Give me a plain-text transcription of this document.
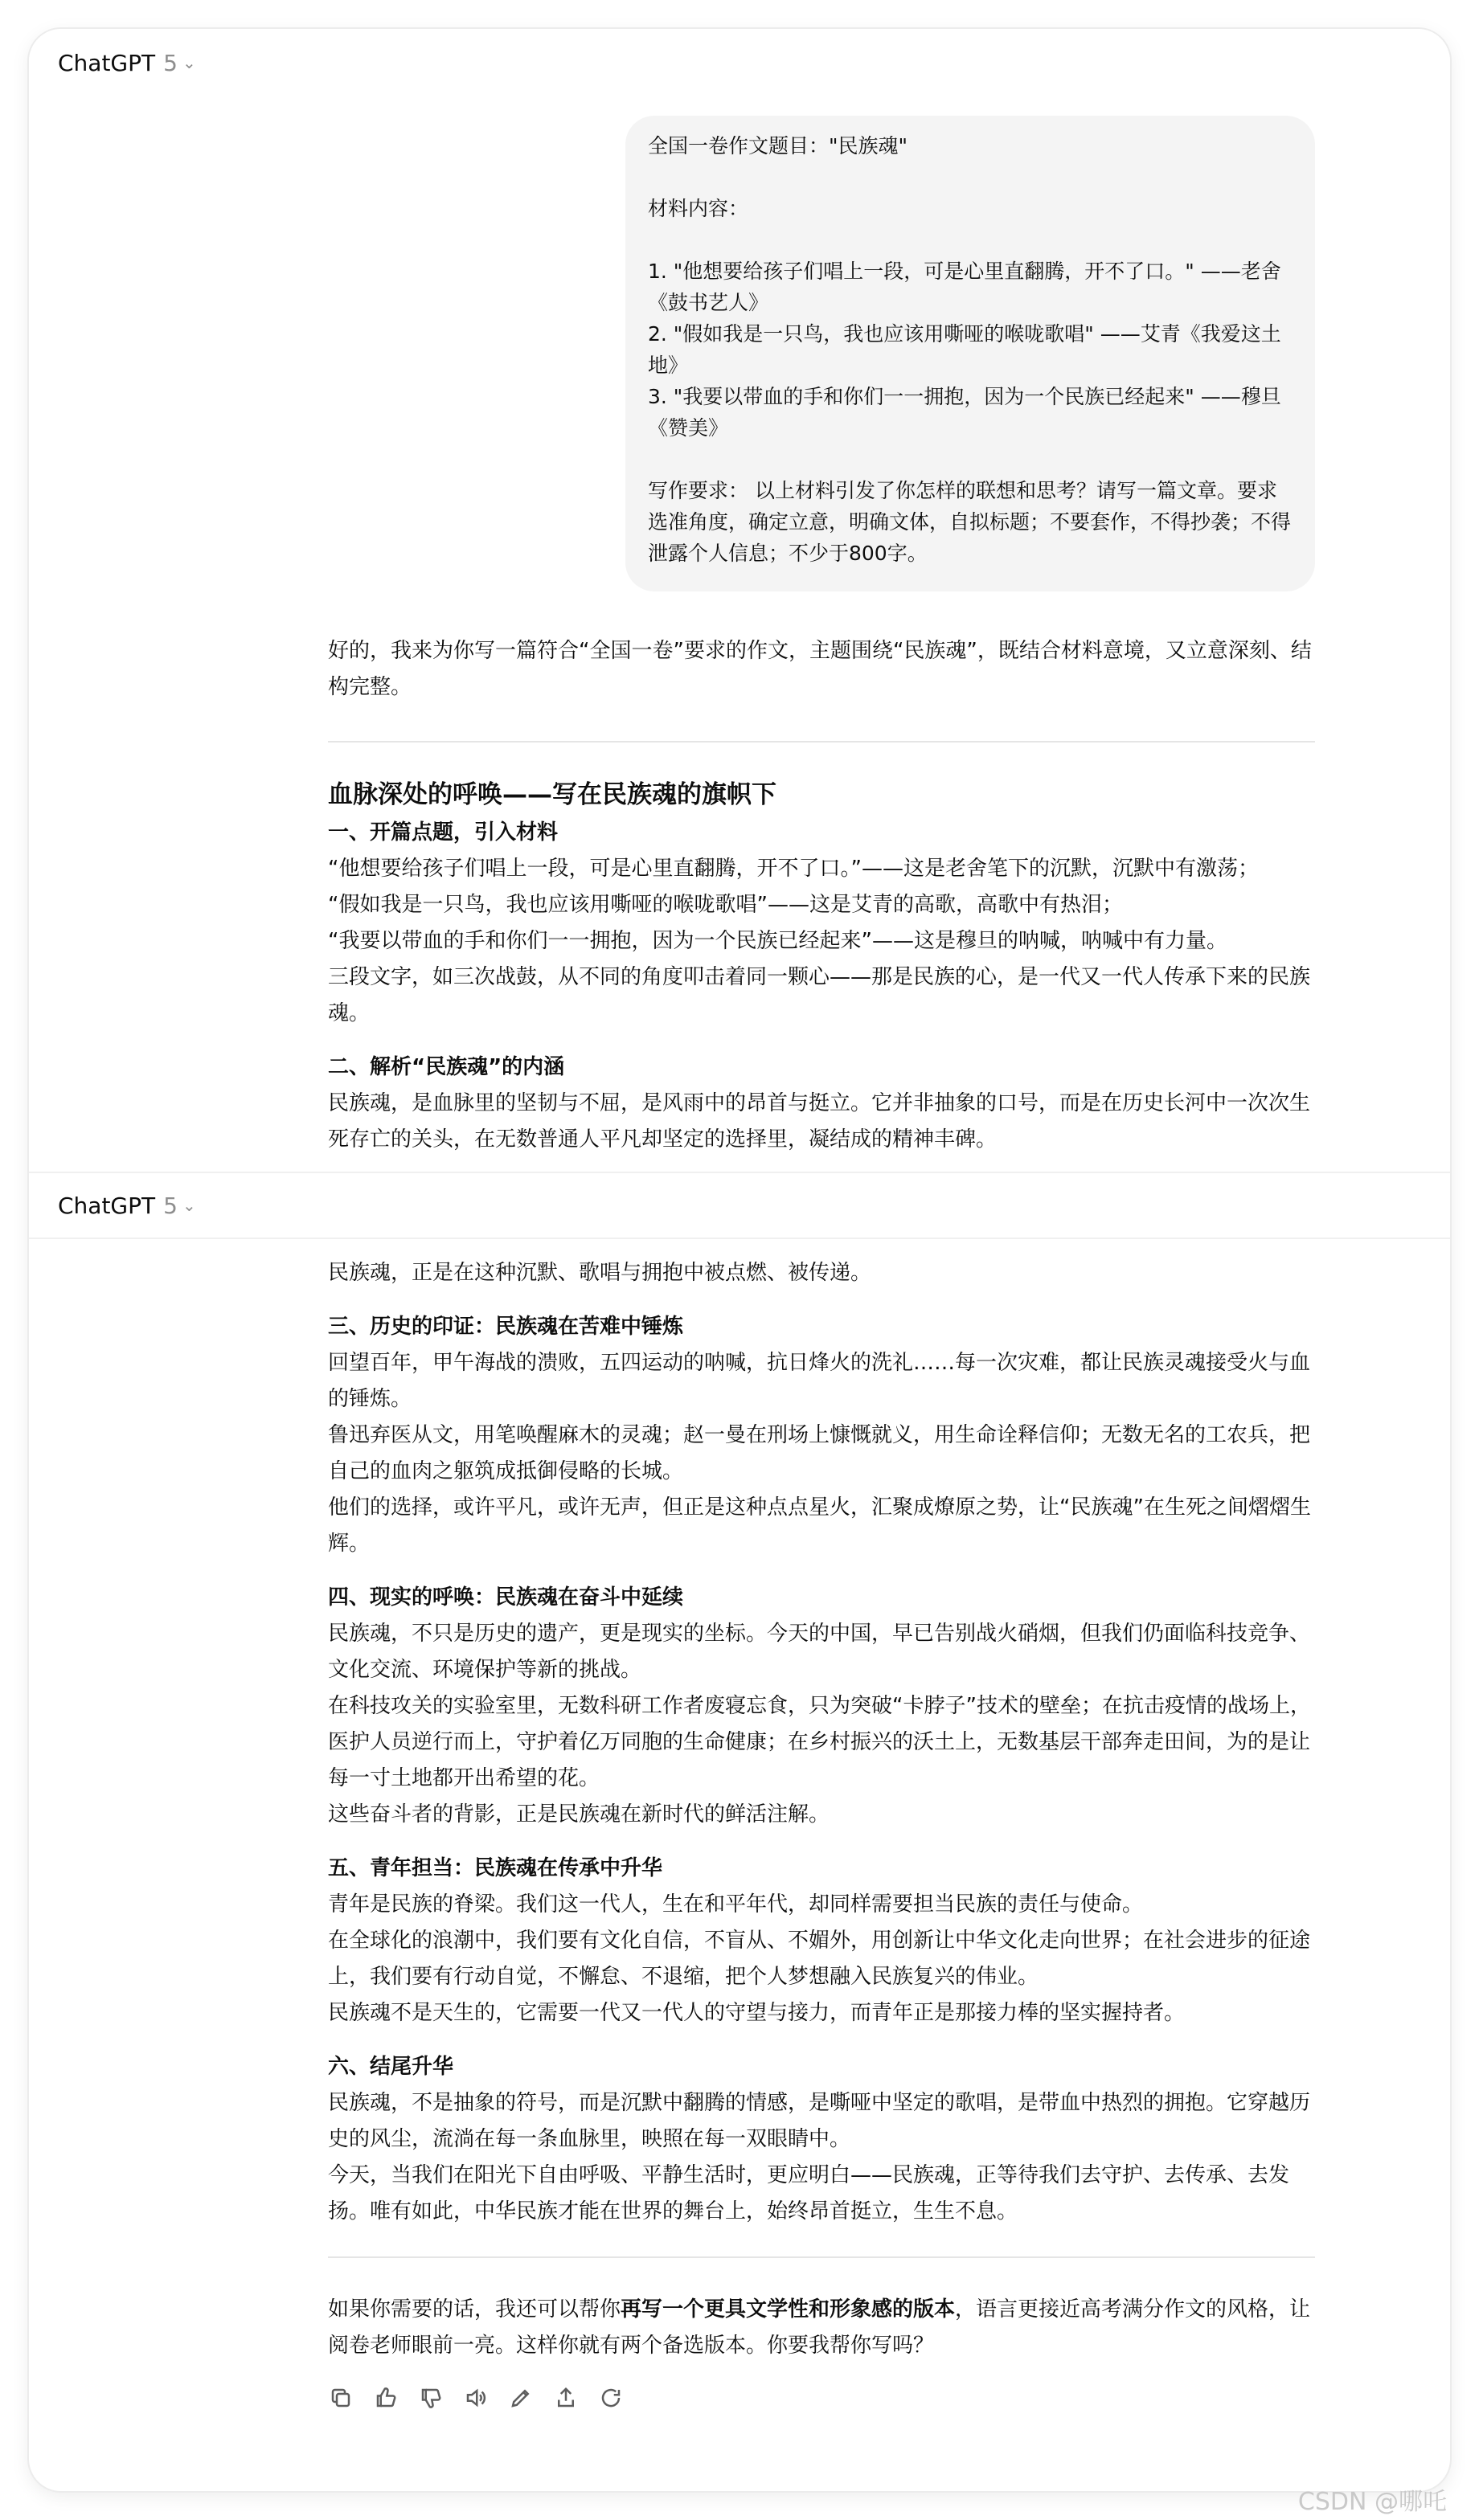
ChatGPT 5 ⌄

全国一卷作文题目："民族魂"

材料内容：

1. "他想要给孩子们唱上一段，可是心里直翻腾，开不了口。" ——老舍《鼓书艺人》

2. "假如我是一只鸟，我也应该用嘶哑的喉咙歌唱" ——艾青《我爱这土地》

3. "我要以带血的手和你们一一拥抱，因为一个民族已经起来" ——穆旦《赞美》

写作要求： 以上材料引发了你怎样的联想和思考？请写一篇文章。要求选准角度，确定立意，明确文体，自拟标题；不要套作，不得抄袭；不得泄露个人信息；不少于800字。

好的，我来为你写一篇符合“全国一卷”要求的作文，主题围绕“民族魂”，既结合材料意境，又立意深刻、结构完整。

血脉深处的呼唤——写在民族魂的旗帜下

一、开篇点题，引入材料

“他想要给孩子们唱上一段，可是心里直翻腾，开不了口。”——这是老舍笔下的沉默，沉默中有激荡；

“假如我是一只鸟，我也应该用嘶哑的喉咙歌唱”——这是艾青的高歌，高歌中有热泪；

“我要以带血的手和你们一一拥抱，因为一个民族已经起来”——这是穆旦的呐喊，呐喊中有力量。

三段文字，如三次战鼓，从不同的角度叩击着同一颗心——那是民族的心，是一代又一代人传承下来的民族魂。

二、解析“民族魂”的内涵

民族魂，是血脉里的坚韧与不屈，是风雨中的昂首与挺立。它并非抽象的口号，而是在历史长河中一次次生死存亡的关头，在无数普通人平凡却坚定的选择里，凝结成的精神丰碑。

ChatGPT 5 ⌄

民族魂，正是在这种沉默、歌唱与拥抱中被点燃、被传递。

三、历史的印证：民族魂在苦难中锤炼

回望百年，甲午海战的溃败，五四运动的呐喊，抗日烽火的洗礼……每一次灾难，都让民族灵魂接受火与血的锤炼。

鲁迅弃医从文，用笔唤醒麻木的灵魂；赵一曼在刑场上慷慨就义，用生命诠释信仰；无数无名的工农兵，把自己的血肉之躯筑成抵御侵略的长城。

他们的选择，或许平凡，或许无声，但正是这种点点星火，汇聚成燎原之势，让“民族魂”在生死之间熠熠生辉。

四、现实的呼唤：民族魂在奋斗中延续

民族魂，不只是历史的遗产，更是现实的坐标。今天的中国，早已告别战火硝烟，但我们仍面临科技竞争、文化交流、环境保护等新的挑战。

在科技攻关的实验室里，无数科研工作者废寝忘食，只为突破“卡脖子”技术的壁垒；在抗击疫情的战场上，医护人员逆行而上，守护着亿万同胞的生命健康；在乡村振兴的沃土上，无数基层干部奔走田间，为的是让每一寸土地都开出希望的花。

这些奋斗者的背影，正是民族魂在新时代的鲜活注解。

五、青年担当：民族魂在传承中升华

青年是民族的脊梁。我们这一代人，生在和平年代，却同样需要担当民族的责任与使命。

在全球化的浪潮中，我们要有文化自信，不盲从、不媚外，用创新让中华文化走向世界；在社会进步的征途上，我们要有行动自觉，不懈怠、不退缩，把个人梦想融入民族复兴的伟业。

民族魂不是天生的，它需要一代又一代人的守望与接力，而青年正是那接力棒的坚实握持者。

六、结尾升华

民族魂，不是抽象的符号，而是沉默中翻腾的情感，是嘶哑中坚定的歌唱，是带血中热烈的拥抱。它穿越历史的风尘，流淌在每一条血脉里，映照在每一双眼睛中。

今天，当我们在阳光下自由呼吸、平静生活时，更应明白——民族魂，正等待我们去守护、去传承、去发扬。唯有如此，中华民族才能在世界的舞台上，始终昂首挺立，生生不息。

如果你需要的话，我还可以帮你再写一个更具文学性和形象感的版本，语言更接近高考满分作文的风格，让阅卷老师眼前一亮。这样你就有两个备选版本。你要我帮你写吗？

CSDN @哪吒
